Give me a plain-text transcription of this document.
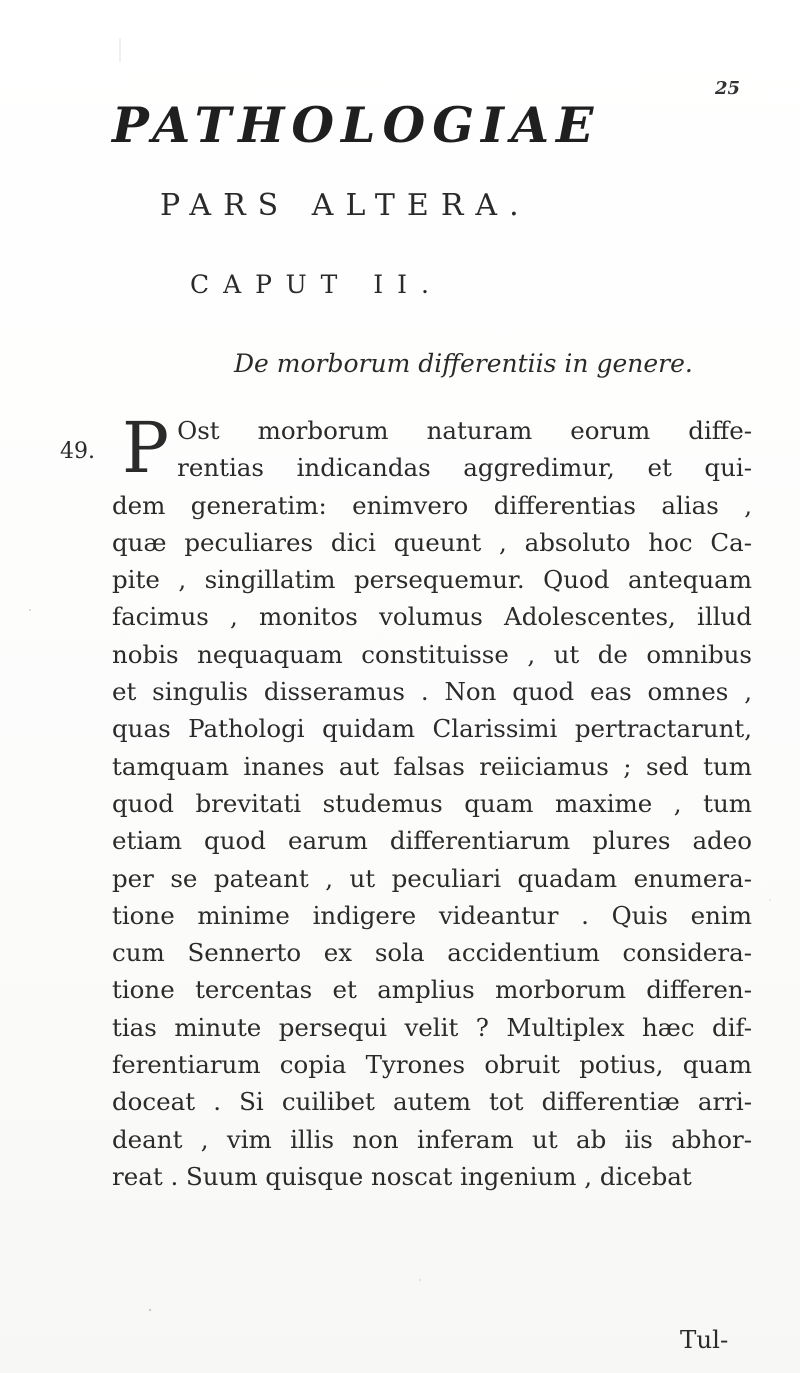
25
PATHOLOGIAE
PARS ALTERA.
CAPUT II.
De morborum differentiis in genere.
49. P Ost morborum naturam eorum diffe-
rentias indicandas aggredimur, et qui-
dem generatim: enimvero differentias alias ,
quæ peculiares dici queunt , absoluto hoc Ca-
pite , singillatim persequemur. Quod antequam
facimus , monitos volumus Adolescentes, illud
nobis nequaquam constituisse , ut de omnibus
et singulis disseramus . Non quod eas omnes ,
quas Pathologi quidam Clarissimi pertractarunt,
tamquam inanes aut falsas reiiciamus ; sed tum
quod brevitati studemus quam maxime , tum
etiam quod earum differentiarum plures adeo
per se pateant , ut peculiari quadam enumera-
tione minime indigere videantur . Quis enim
cum Sennerto ex sola accidentium considera-
tione tercentas et amplius morborum differen-
tias minute persequi velit ? Multiplex hæc dif-
ferentiarum copia Tyrones obruit potius, quam
doceat . Si cuilibet autem tot differentiæ arri-
deant , vim illis non inferam ut ab iis abhor-
reat . Suum quisque noscat ingenium , dicebat
Tul-
